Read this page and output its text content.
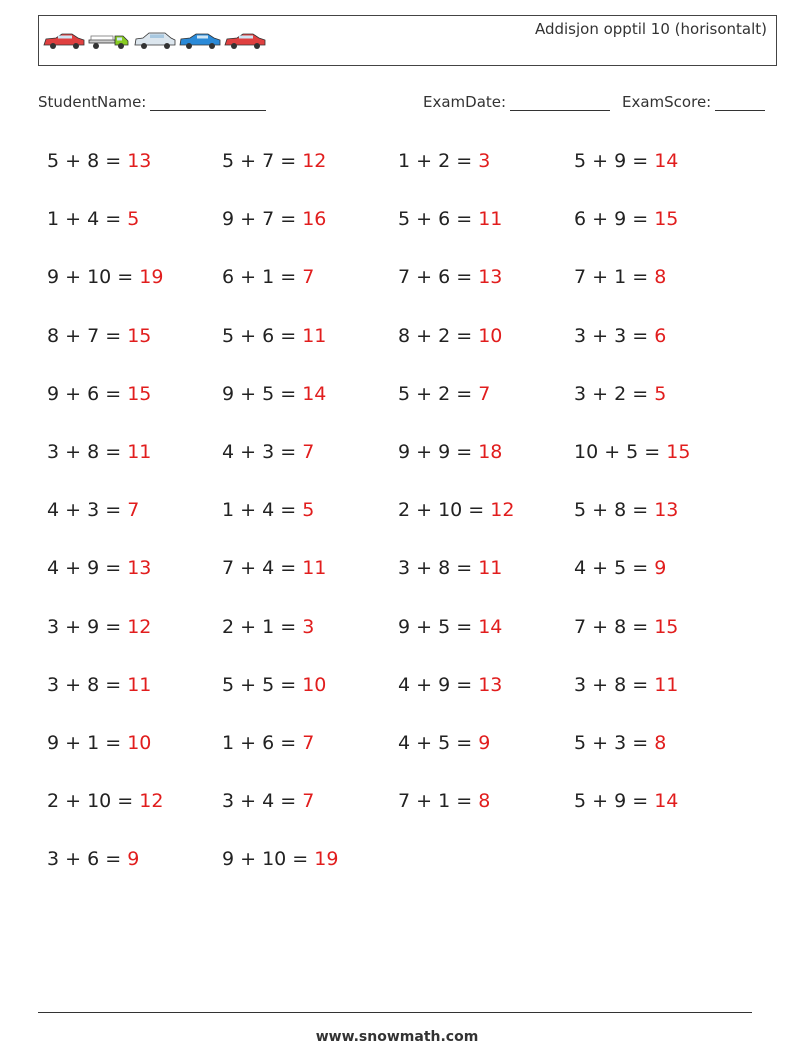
Addisjon opptil 10 (horisontalt)
StudentName:	ExamDate:	ExamScore:
5 + 8 = 13	5 + 7 = 12	1 + 2 = 3	5 + 9 = 14
1 + 4 = 5	9 + 7 = 16	5 + 6 = 11	6 + 9 = 15
9 + 10 = 19	6 + 1 = 7	7 + 6 = 13	7 + 1 = 8
8 + 7 = 15	5 + 6 = 11	8 + 2 = 10	3 + 3 = 6
9 + 6 = 15	9 + 5 = 14	5 + 2 = 7	3 + 2 = 5
3 + 8 = 11	4 + 3 = 7	9 + 9 = 18	10 + 5 = 15
4 + 3 = 7	1 + 4 = 5	2 + 10 = 12	5 + 8 = 13
4 + 9 = 13	7 + 4 = 11	3 + 8 = 11	4 + 5 = 9
3 + 9 = 12	2 + 1 = 3	9 + 5 = 14	7 + 8 = 15
3 + 8 = 11	5 + 5 = 10	4 + 9 = 13	3 + 8 = 11
9 + 1 = 10	1 + 6 = 7	4 + 5 = 9	5 + 3 = 8
2 + 10 = 12	3 + 4 = 7	7 + 1 = 8	5 + 9 = 14
3 + 6 = 9	9 + 10 = 19
www.snowmath.com
